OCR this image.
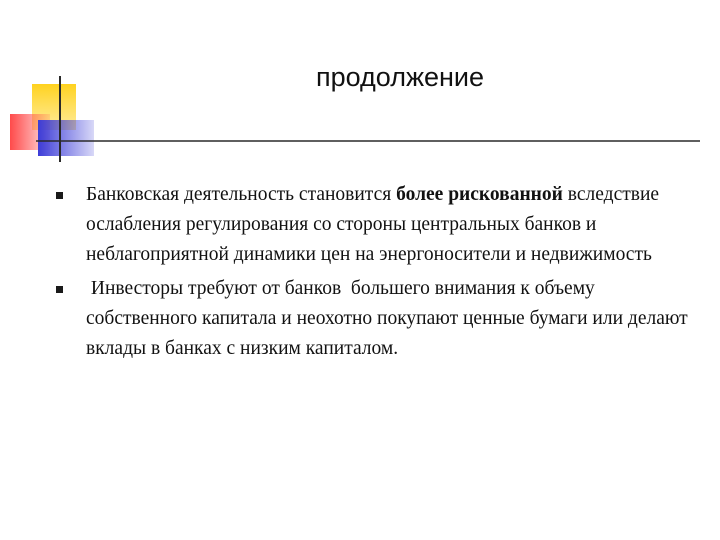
продолжение
Банковская деятельность становится более рискованной вследствие ослабления регулирования со стороны центральных банков и неблагоприятной динамики цен на энергоносители и недвижимость
Инвесторы требуют от банков  большего внимания к объему собственного капитала и неохотно покупают ценные бумаги или делают вклады в банках с низким капиталом.
